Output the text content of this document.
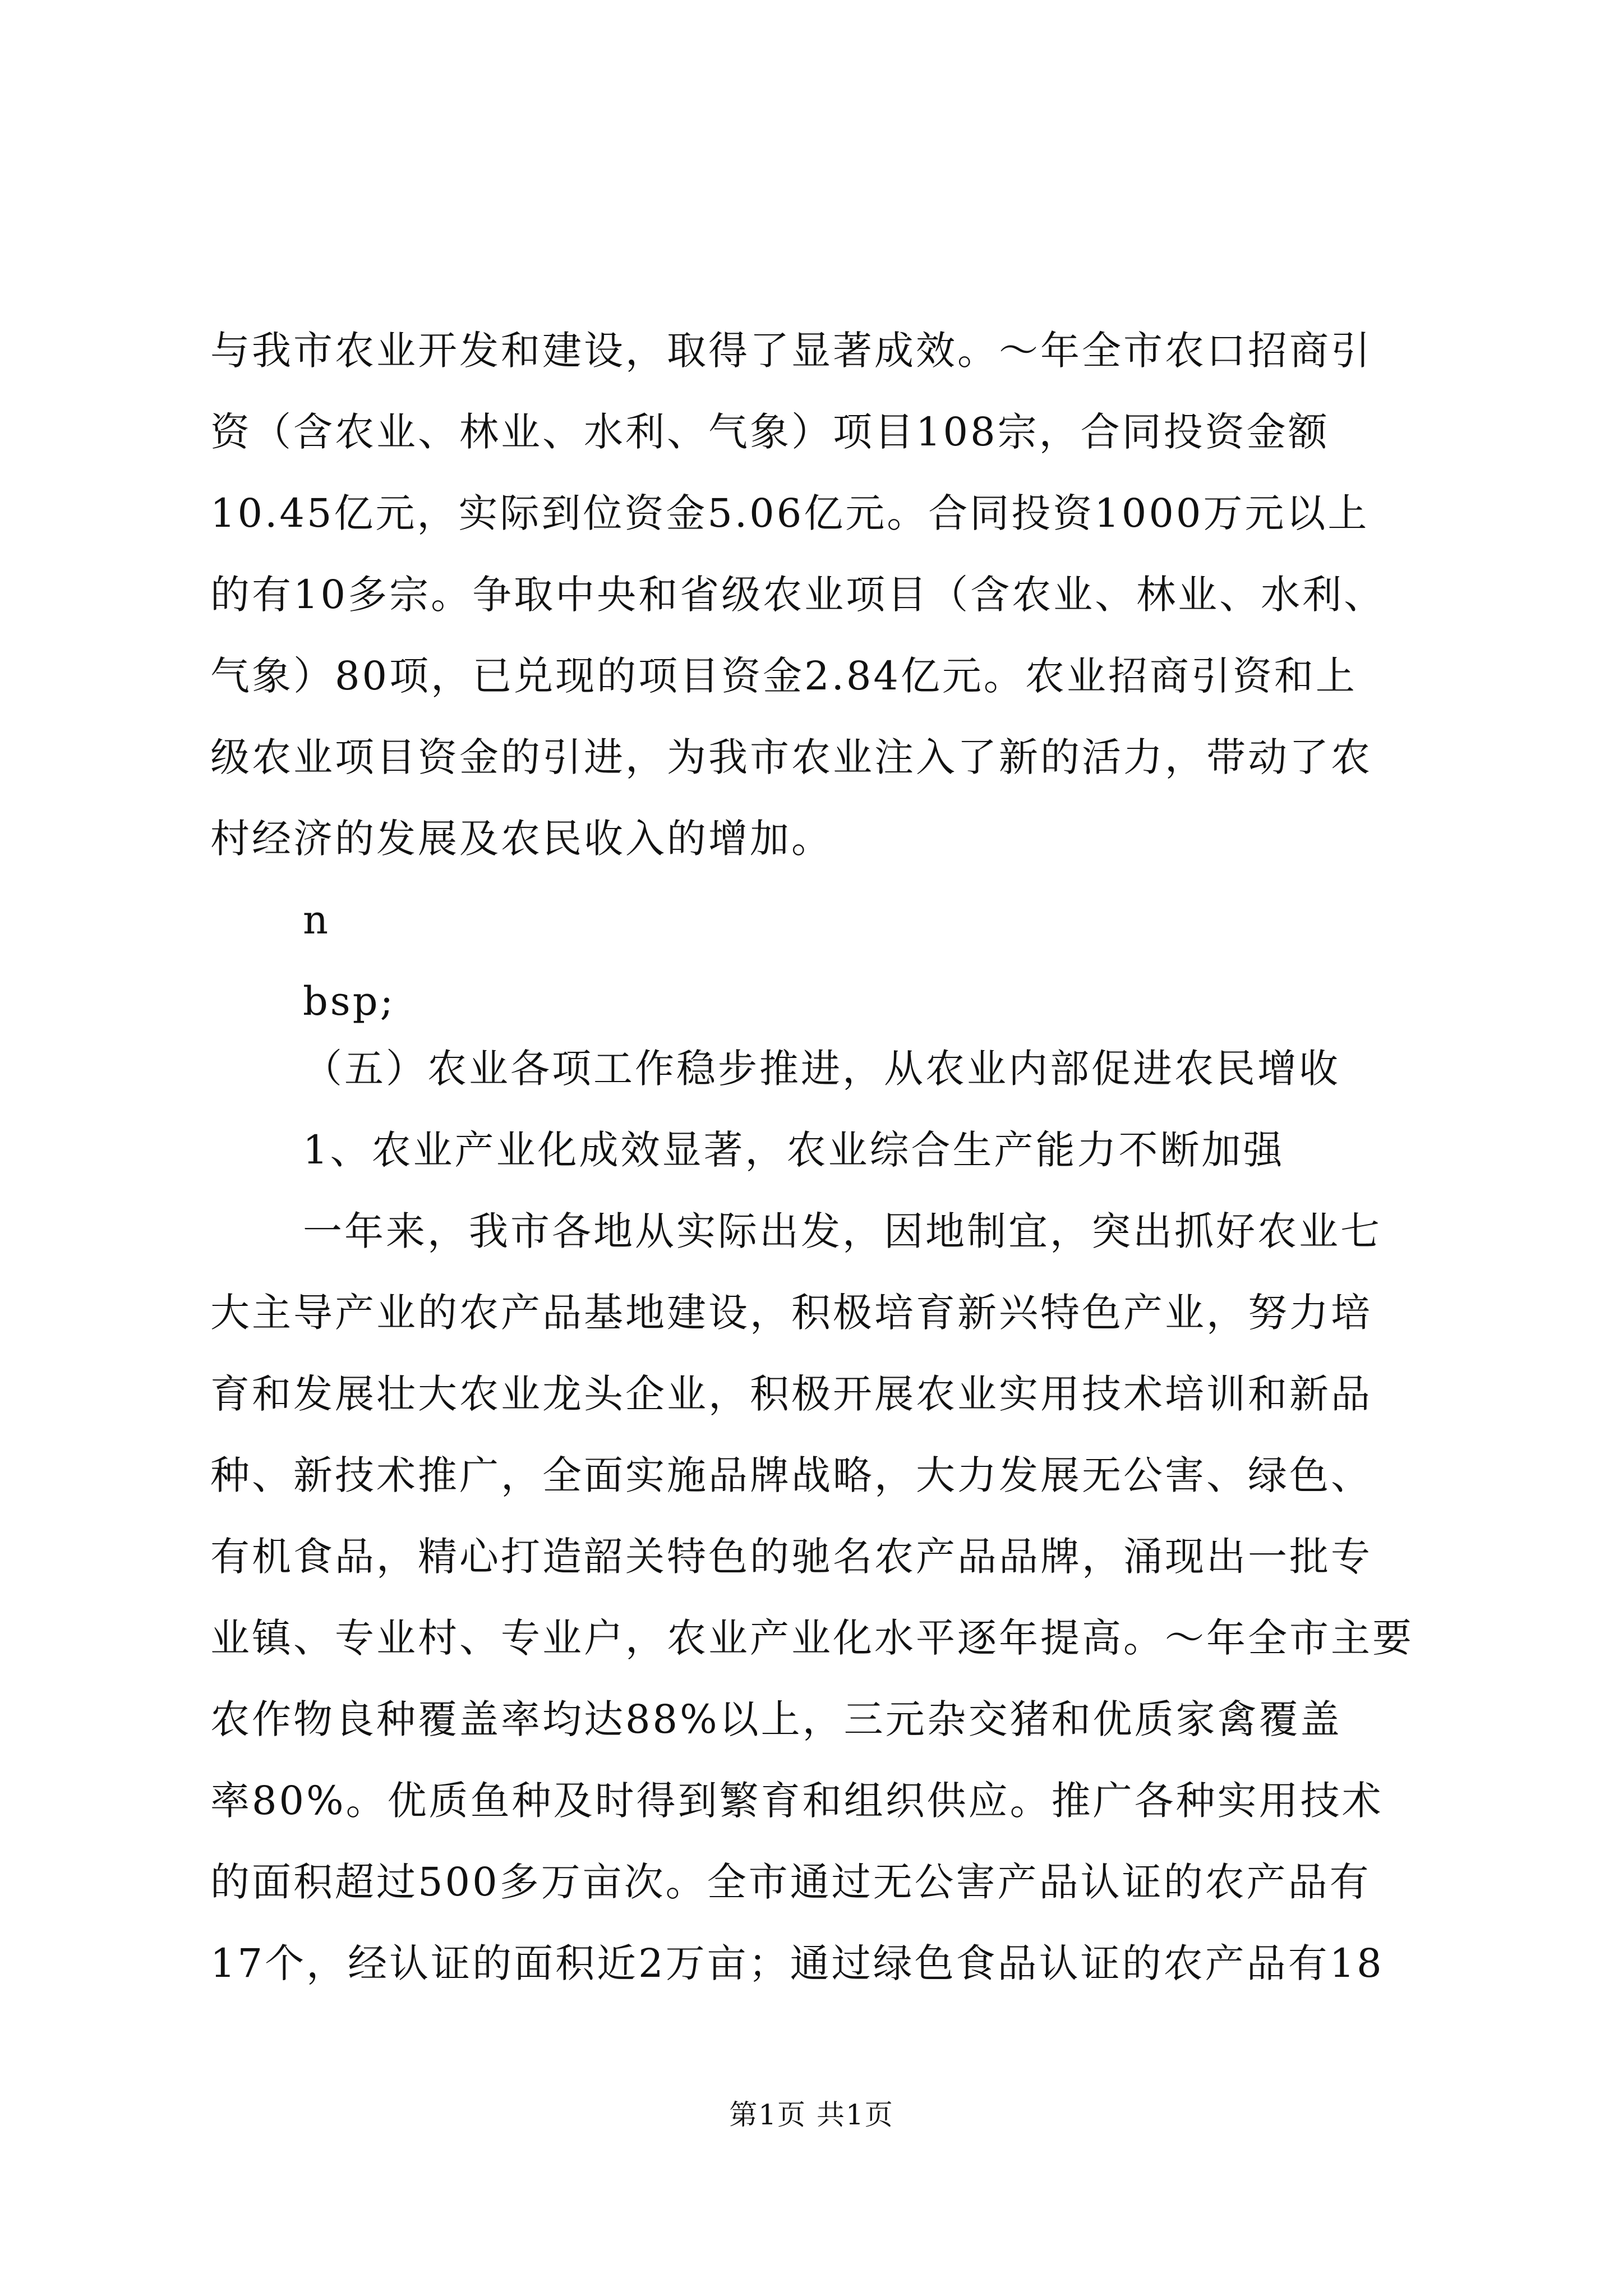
与我市农业开发和建设，取得了显著成效。～年全市农口招商引
资（含农业、林业、水利、气象）项目108宗，合同投资金额
10.45亿元，实际到位资金5.06亿元。合同投资1000万元以上
的有10多宗。争取中央和省级农业项目（含农业、林业、水利、
气象）80项，已兑现的项目资金2.84亿元。农业招商引资和上
级农业项目资金的引进，为我市农业注入了新的活力，带动了农
村经济的发展及农民收入的增加。
n
bsp;
（五）农业各项工作稳步推进，从农业内部促进农民增收
1、农业产业化成效显著，农业综合生产能力不断加强
一年来，我市各地从实际出发，因地制宜，突出抓好农业七
大主导产业的农产品基地建设，积极培育新兴特色产业，努力培
育和发展壮大农业龙头企业，积极开展农业实用技术培训和新品
种、新技术推广，全面实施品牌战略，大力发展无公害、绿色、
有机食品，精心打造韶关特色的驰名农产品品牌，涌现出一批专
业镇、专业村、专业户，农业产业化水平逐年提高。～年全市主要
农作物良种覆盖率均达88%以上，三元杂交猪和优质家禽覆盖
率80%。优质鱼种及时得到繁育和组织供应。推广各种实用技术
的面积超过500多万亩次。全市通过无公害产品认证的农产品有
17个，经认证的面积近2万亩；通过绿色食品认证的农产品有18
第1页 共1页
